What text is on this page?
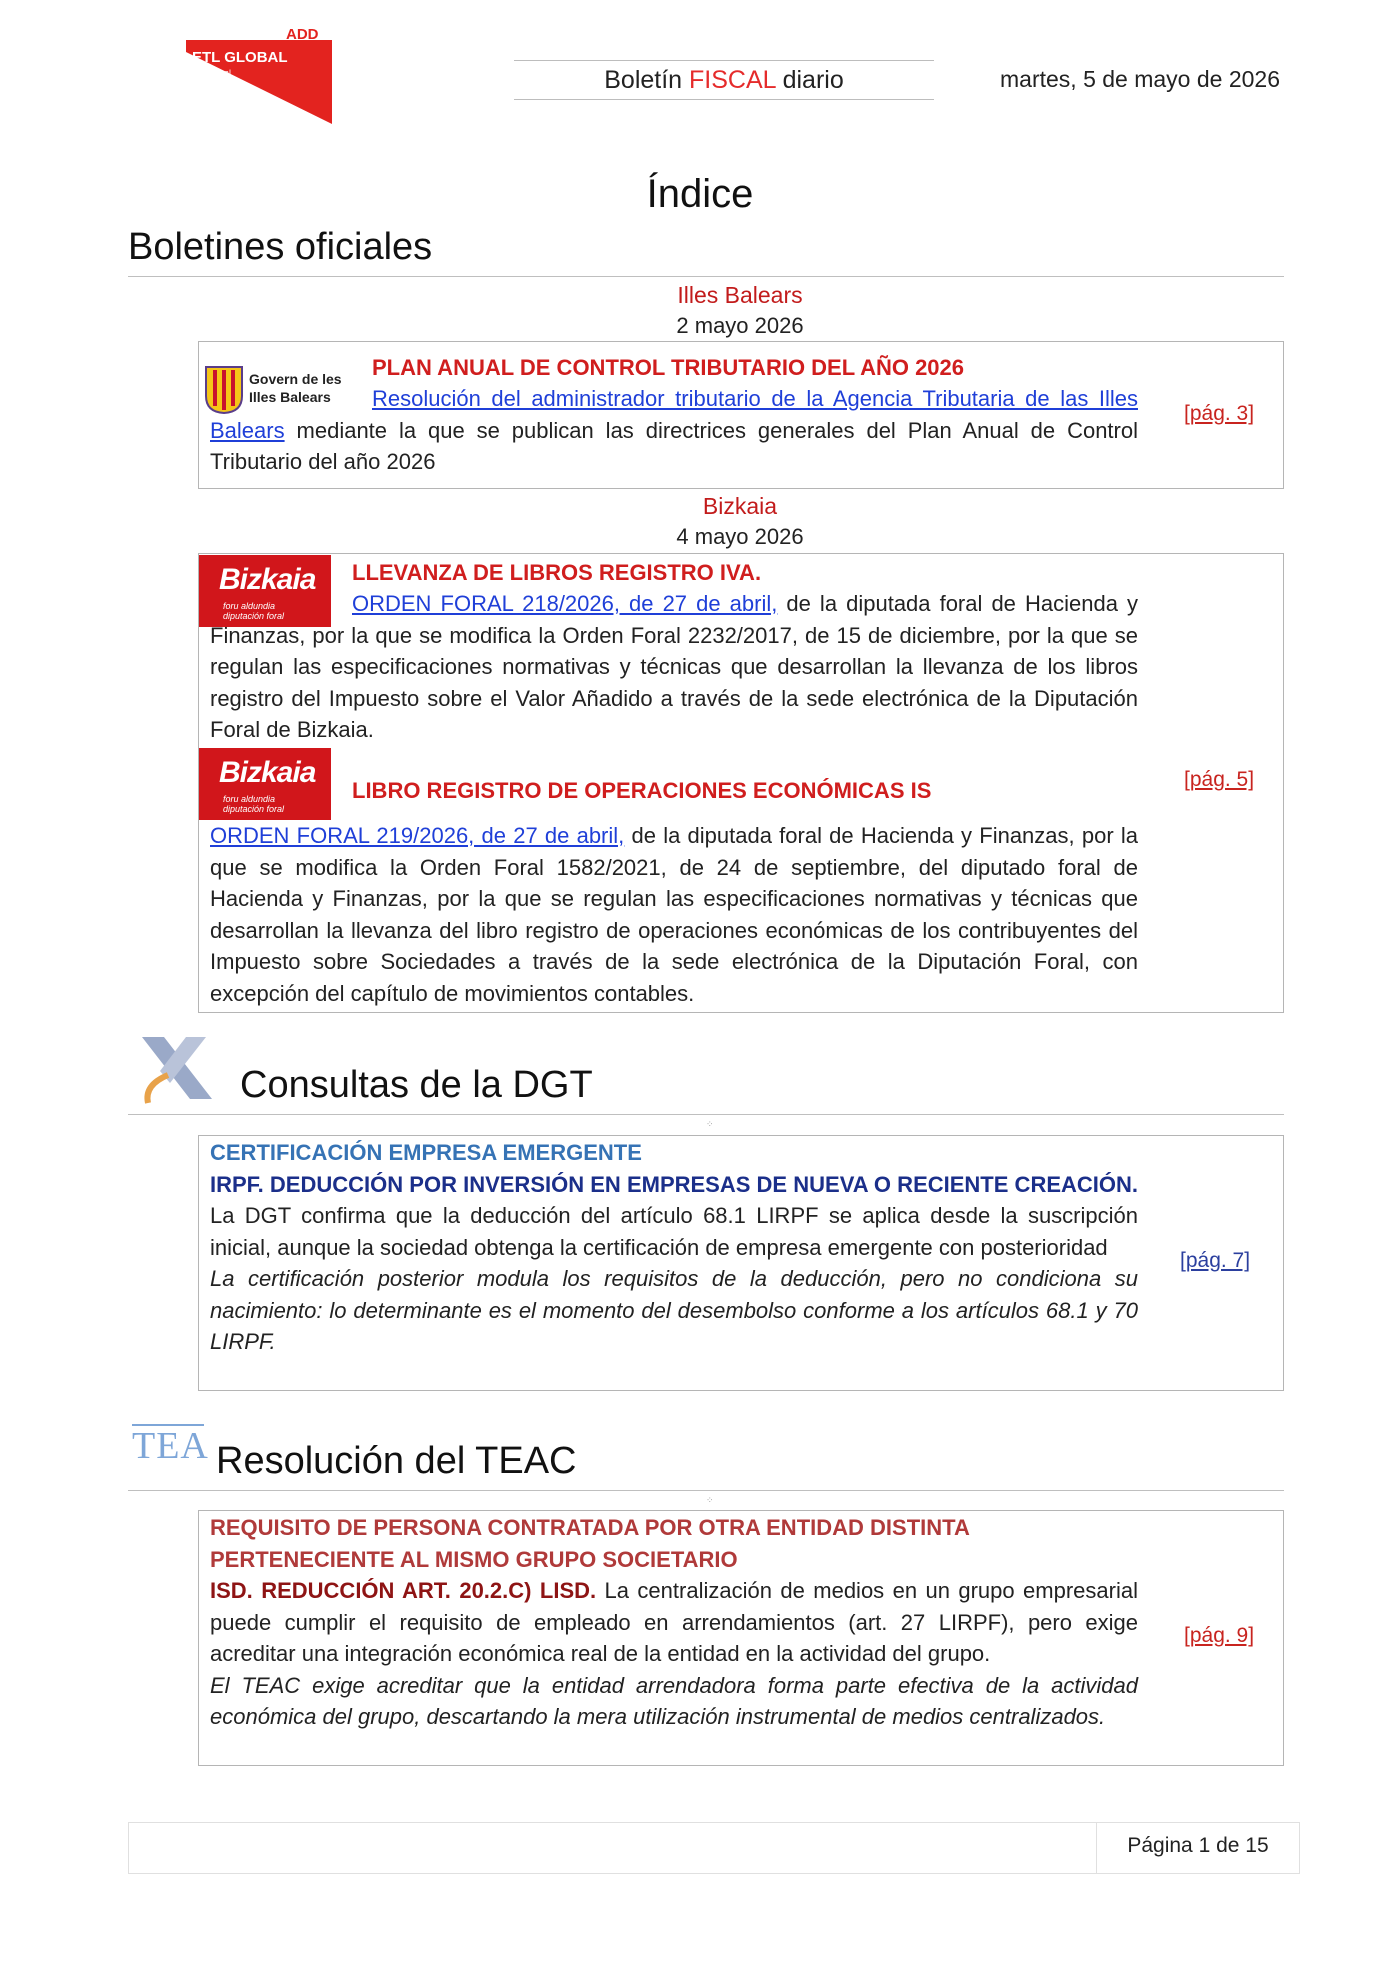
ADD
ETL GLOBAL
Tax-Legal	Boletín FISCAL diario	martes, 5 de mayo de 2026
Índice
Boletines oficiales
Illes Balears
2 mayo 2026
Govern de les
Illes Balears
PLAN ANUAL DE CONTROL TRIBUTARIO DEL AÑO 2026
Resolución del administrador tributario de la Agencia Tributaria de las Illes Balears mediante la que se publican las directrices generales del Plan Anual de Control Tributario del año 2026
[pág. 3]
Bizkaia
4 mayo 2026
Bizkaia
foru aldundia
diputación foral
LLEVANZA DE LIBROS REGISTRO IVA.
ORDEN FORAL 218/2026, de 27 de abril, de la diputada foral de Hacienda y Finanzas, por la que se modifica la Orden Foral 2232/2017, de 15 de diciembre, por la que se regulan las especificaciones normativas y técnicas que desarrollan la llevanza de los libros registro del Impuesto sobre el Valor Añadido a través de la sede electrónica de la Diputación Foral de Bizkaia.
Bizkaia
foru aldundia
diputación foral
LIBRO REGISTRO DE OPERACIONES ECONÓMICAS IS
ORDEN FORAL 219/2026, de 27 de abril, de la diputada foral de Hacienda y Finanzas, por la que se modifica la Orden Foral 1582/2021, de 24 de septiembre, del diputado foral de Hacienda y Finanzas, por la que se regulan las especificaciones normativas y técnicas que desarrollan la llevanza del libro registro de operaciones económicas de los contribuyentes del Impuesto sobre Sociedades a través de la sede electrónica de la Diputación Foral, con excepción del capítulo de movimientos contables.
[pág. 5]
Consultas de la DGT
⁘
CERTIFICACIÓN EMPRESA EMERGENTE
IRPF. DEDUCCIÓN POR INVERSIÓN EN EMPRESAS DE NUEVA O RECIENTE CREACIÓN. La DGT confirma que la deducción del artículo 68.1 LIRPF se aplica desde la suscripción inicial, aunque la sociedad obtenga la certificación de empresa emergente con posterioridad
La certificación posterior modula los requisitos de la deducción, pero no condiciona su nacimiento: lo determinante es el momento del desembolso conforme a los artículos 68.1 y 70 LIRPF.
[pág. 7]
TEA Resolución del TEAC
⁘
REQUISITO DE PERSONA CONTRATADA POR OTRA ENTIDAD DISTINTA PERTENECIENTE AL MISMO GRUPO SOCIETARIO
ISD. REDUCCIÓN ART. 20.2.C) LISD. La centralización de medios en un grupo empresarial puede cumplir el requisito de empleado en arrendamientos (art. 27 LIRPF), pero exige acreditar una integración económica real de la entidad en la actividad del grupo.
El TEAC exige acreditar que la entidad arrendadora forma parte efectiva de la actividad económica del grupo, descartando la mera utilización instrumental de medios centralizados.
[pág. 9]
Página 1 de 15
